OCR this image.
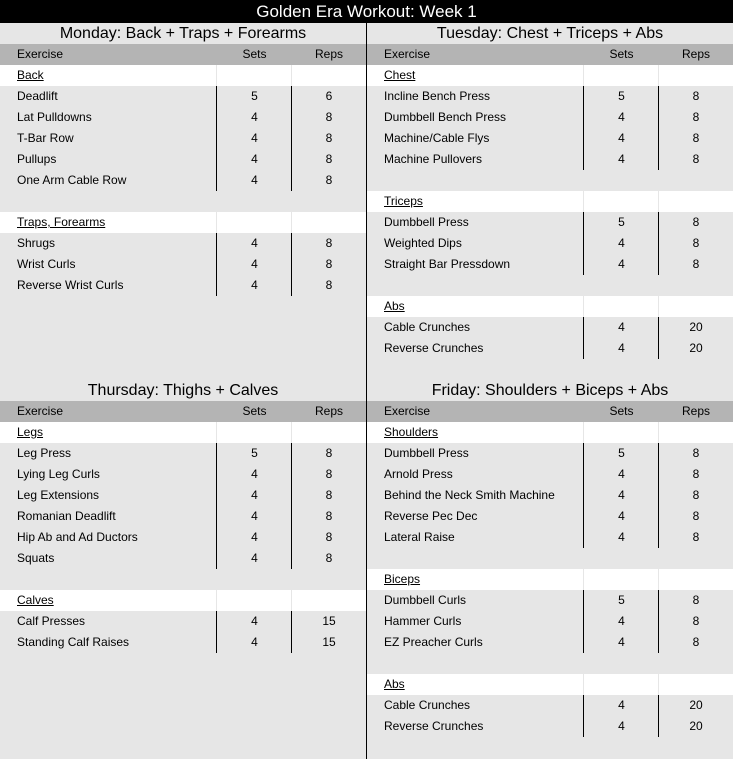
Golden Era Workout: Week 1
Monday: Back + Traps + Forearms
Exercise	Sets	Reps
Back
Deadlift	5	6
Lat Pulldowns	4	8
T-Bar Row	4	8
Pullups	4	8
One Arm Cable Row	4	8
Traps, Forearms
Shrugs	4	8
Wrist Curls	4	8
Reverse Wrist Curls	4	8
Tuesday: Chest + Triceps + Abs
Exercise	Sets	Reps
Chest
Incline Bench Press	5	8
Dumbbell Bench Press	4	8
Machine/Cable Flys	4	8
Machine Pullovers	4	8
Triceps
Dumbbell Press	5	8
Weighted Dips	4	8
Straight Bar Pressdown	4	8
Abs
Cable Crunches	4	20
Reverse Crunches	4	20
Thursday: Thighs + Calves
Exercise	Sets	Reps
Legs
Leg Press	5	8
Lying Leg Curls	4	8
Leg Extensions	4	8
Romanian Deadlift	4	8
Hip Ab and Ad Ductors	4	8
Squats	4	8
Calves
Calf Presses	4	15
Standing Calf Raises	4	15
Friday: Shoulders + Biceps + Abs
Exercise	Sets	Reps
Shoulders
Dumbbell Press	5	8
Arnold Press	4	8
Behind the Neck Smith Machine	4	8
Reverse Pec Dec	4	8
Lateral Raise	4	8
Biceps
Dumbbell Curls	5	8
Hammer Curls	4	8
EZ Preacher Curls	4	8
Abs
Cable Crunches	4	20
Reverse Crunches	4	20
